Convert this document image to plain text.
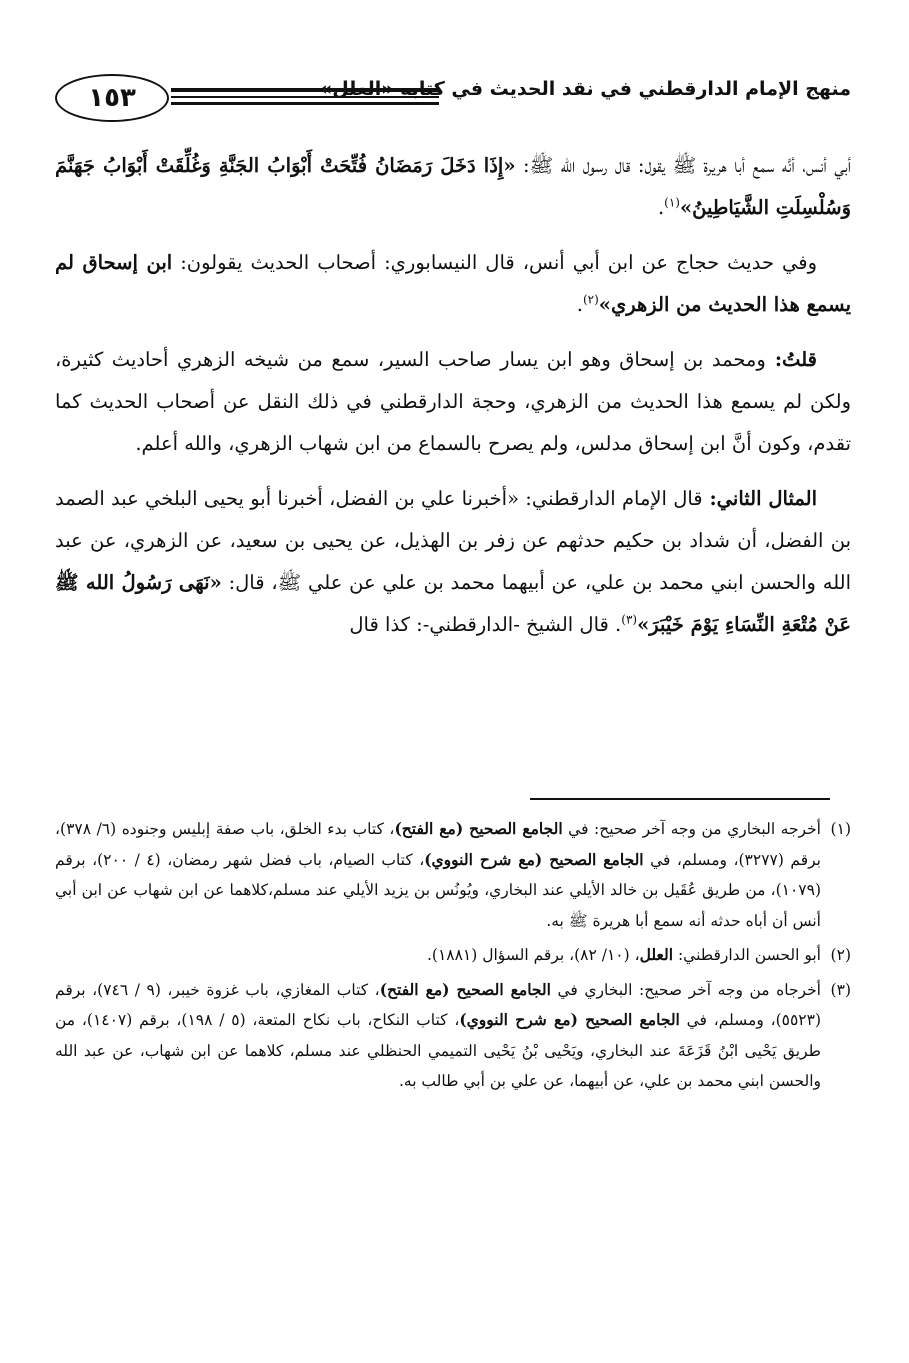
١٥٣	منهج الإمام الدارقطني في نقد الحديث في كتابه «العلل»

أبي أنس، أنَّه سمع أبا هريرة ﷺ يقول: قال رسول الله ﷺ: «إِذَا دَخَلَ رَمَضَانُ فُتِّحَتْ أَبْوَابُ الجَنَّةِ وَغُلِّقَتْ أَبْوَابُ جَهَنَّمَ وَسُلْسِلَتِ الشَّيَاطِينُ»$^{(١)}$.

وفي حديث حجاج عن ابن أبي أنس، قال النيسابوري: أصحاب الحديث يقولون: ابن إسحاق لم يسمع هذا الحديث من الزهري»$^{(٢)}$.

قلتُ: ومحمد بن إسحاق وهو ابن يسار صاحب السير، سمع من شيخه الزهري أحاديث كثيرة، ولكن لم يسمع هذا الحديث من الزهري، وحجة الدارقطني في ذلك النقل عن أصحاب الحديث كما تقدم، وكون أنَّ ابن إسحاق مدلس، ولم يصرح بالسماع من ابن شهاب الزهري، والله أعلم.

المثال الثاني: قال الإمام الدارقطني: «أخبرنا علي بن الفضل، أخبرنا أبو يحيى البلخي عبد الصمد بن الفضل، أن شداد بن حكيم حدثهم عن زفر بن الهذيل، عن يحيى بن سعيد، عن الزهري، عن عبد الله والحسن ابني محمد بن علي، عن أبيهما محمد بن علي عن علي ﷺ، قال: «نَهَى رَسُولُ الله ﷺ عَنْ مُتْعَةِ النِّسَاءِ يَوْمَ خَيْبَرَ»$^{(٣)}$. قال الشيخ -الدارقطني-: كذا قال

(١)أخرجه البخاري من وجه آخر صحيح: في الجامع الصحيح (مع الفتح)، كتاب بدء الخلق، باب صفة إبليس وجنوده (٦/ ٣٧٨)، برقم (٣٢٧٧)، ومسلم، في الجامع الصحيح (مع شرح النووي)، كتاب الصيام، باب فضل شهر رمضان، (٤ / ٢٠٠)، برقم (١٠٧٩)، من طريق عُقَيل بن خالد الأيلي عند البخاري، ويُونُس بن يزيد الأيلي عند مسلم،كلاهما عن ابن شهاب عن ابن أبي أنس أن أباه حدثه أنه سمع أبا هريرة ﷺ به.

(٢)أبو الحسن الدارقطني: العلل، (١٠/ ٨٢)، برقم السؤال (١٨٨١).

(٣)أخرجاه من وجه آخر صحيح: البخاري في الجامع الصحيح (مع الفتح)، كتاب المغازي، باب غزوة خيبر، (٩ / ٧٤٦)، برقم (٥٥٢٣)، ومسلم، في الجامع الصحيح (مع شرح النووي)، كتاب النكاح، باب نكاح المتعة، (٥ / ١٩٨)، برقم (١٤٠٧)، من طريق يَحْيى ابْنُ قَزَعَةَ عند البخاري، ويَحْيى بْنُ يَحْيى التميمي الحنظلي عند مسلم، كلاهما عن ابن شهاب، عن عبد الله والحسن ابني محمد بن علي، عن أبيهما، عن علي بن أبي طالب به.
